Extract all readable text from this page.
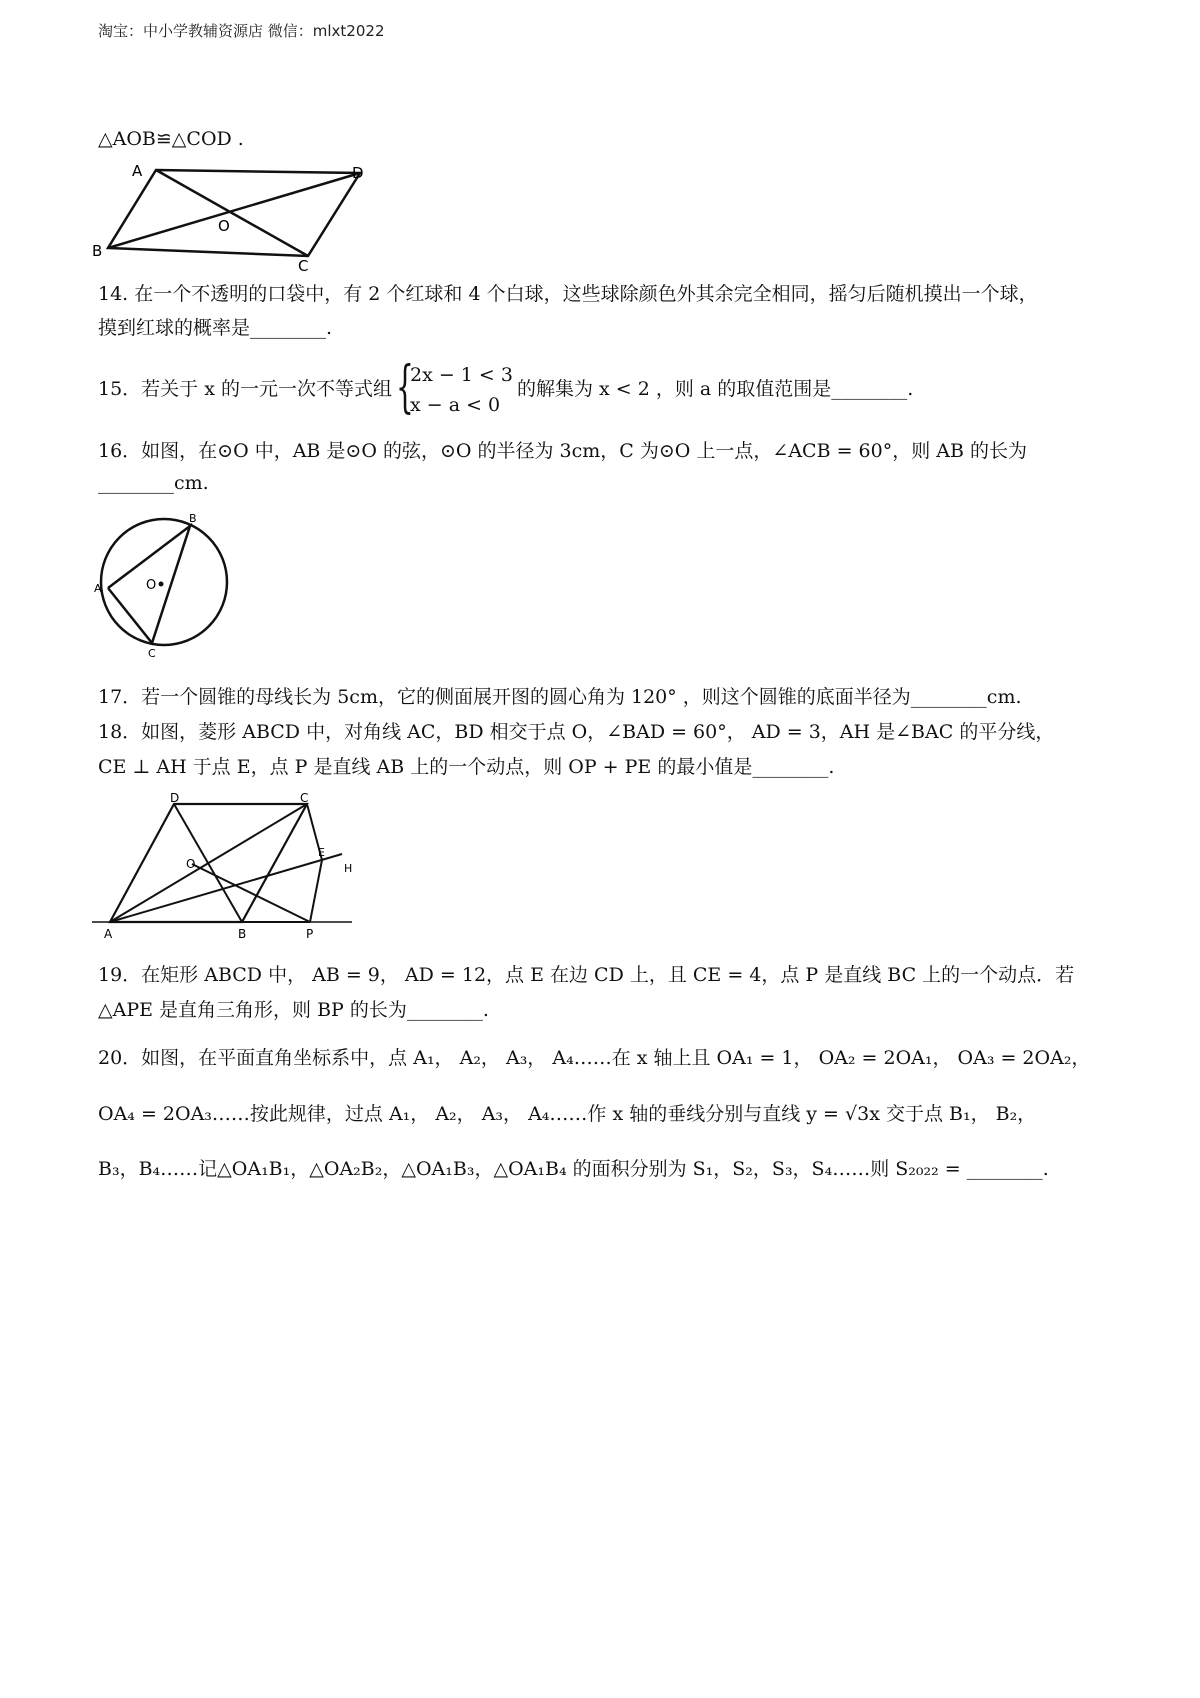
淘宝：中小学教辅资源店 微信：mlxt2022
△AOB≌△COD .
A	D
O
B
C
14. 在一个不透明的口袋中，有 2 个红球和 4 个白球，这些球除颜色外其余完全相同，摇匀后随机摸出一个球，
摸到红球的概率是________.
15．若关于 x 的一元一次不等式组 {
2x − 1 < 3
x − a < 0
的解集为 x < 2 ，则 a 的取值范围是________.
16．如图，在⊙O 中，AB 是⊙O 的弦，⊙O 的半径为 3cm，C 为⊙O 上一点，∠ACB = 60°，则 AB 的长为
________cm.
B
A	O
C
17．若一个圆锥的母线长为 5cm，它的侧面展开图的圆心角为 120° ，则这个圆锥的底面半径为________cm.
18．如图，菱形 ABCD 中，对角线 AC，BD 相交于点 O，∠BAD = 60°， AD = 3，AH 是∠BAC 的平分线，
CE ⊥ AH 于点 E，点 P 是直线 AB 上的一个动点，则 OP + PE 的最小值是________.
D	C
O
E
H
A	B	P
19．在矩形 ABCD 中， AB = 9， AD = 12，点 E 在边 CD 上，且 CE = 4，点 P 是直线 BC 上的一个动点．若
△APE 是直角三角形，则 BP 的长为________.
20．如图，在平面直角坐标系中，点 A₁， A₂， A₃， A₄……在 x 轴上且 OA₁ = 1， OA₂ = 2OA₁， OA₃ = 2OA₂，
OA₄ = 2OA₃……按此规律，过点 A₁， A₂， A₃， A₄……作 x 轴的垂线分别与直线 y = √3x 交于点 B₁， B₂，
B₃，B₄……记△OA₁B₁，△OA₂B₂，△OA₁B₃，△OA₁B₄ 的面积分别为 S₁，S₂，S₃，S₄……则 S₂₀₂₂ = ________.
